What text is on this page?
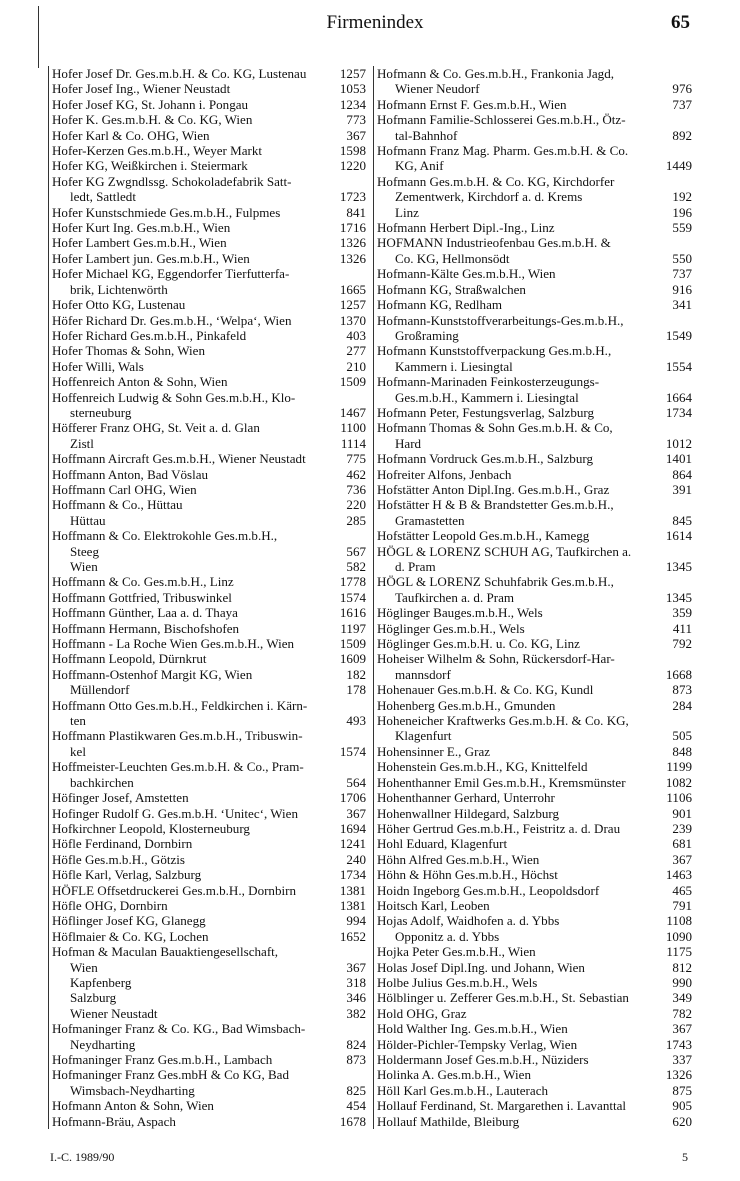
Firmenindex	65
Hofer Josef Dr. Ges.m.b.H. & Co. KG, Lustenau	1257
Hofer Josef Ing., Wiener Neustadt	1053
Hofer Josef KG, St. Johann i. Pongau	1234
Hofer K. Ges.m.b.H. & Co. KG, Wien	773
Hofer Karl & Co. OHG, Wien	367
Hofer-Kerzen Ges.m.b.H., Weyer Markt	1598
Hofer KG, Weißkirchen i. Steiermark	1220
Hofer KG Zwgndlssg. Schokoladefabrik Satt-
ledt, Sattledt	1723
Hofer Kunstschmiede Ges.m.b.H., Fulpmes	841
Hofer Kurt Ing. Ges.m.b.H., Wien	1716
Hofer Lambert Ges.m.b.H., Wien	1326
Hofer Lambert jun. Ges.m.b.H., Wien	1326
Hofer Michael KG, Eggendorfer Tierfutterfa-
brik, Lichtenwörth	1665
Hofer Otto KG, Lustenau	1257
Höfer Richard Dr. Ges.m.b.H., ‘Welpa‘, Wien	1370
Hofer Richard Ges.m.b.H., Pinkafeld	403
Hofer Thomas & Sohn, Wien	277
Hofer Willi, Wals	210
Hoffenreich Anton & Sohn, Wien	1509
Hoffenreich Ludwig & Sohn Ges.m.b.H., Klo-
sterneuburg	1467
Höfferer Franz OHG, St. Veit a. d. Glan	1100
Zistl	1114
Hoffmann Aircraft Ges.m.b.H., Wiener Neustadt	775
Hoffmann Anton, Bad Vöslau	462
Hoffmann Carl OHG, Wien	736
Hoffmann & Co., Hüttau	220
Hüttau	285
Hoffmann & Co. Elektrokohle Ges.m.b.H.,
Steeg	567
Wien	582
Hoffmann & Co. Ges.m.b.H., Linz	1778
Hoffmann Gottfried, Tribuswinkel	1574
Hoffmann Günther, Laa a. d. Thaya	1616
Hoffmann Hermann, Bischofshofen	1197
Hoffmann - La Roche Wien Ges.m.b.H., Wien	1509
Hoffmann Leopold, Dürnkrut	1609
Hoffmann-Ostenhof Margit KG, Wien	182
Müllendorf	178
Hoffmann Otto Ges.m.b.H., Feldkirchen i. Kärn-
ten	493
Hoffmann Plastikwaren Ges.m.b.H., Tribuswin-
kel	1574
Hoffmeister-Leuchten Ges.m.b.H. & Co., Pram-
bachkirchen	564
Höfinger Josef, Amstetten	1706
Hofinger Rudolf G. Ges.m.b.H. ‘Unitec‘, Wien	367
Hofkirchner Leopold, Klosterneuburg	1694
Höfle Ferdinand, Dornbirn	1241
Höfle Ges.m.b.H., Götzis	240
Höfle Karl, Verlag, Salzburg	1734
HÖFLE Offsetdruckerei Ges.m.b.H., Dornbirn	1381
Höfle OHG, Dornbirn	1381
Höflinger Josef KG, Glanegg	994
Höflmaier & Co. KG, Lochen	1652
Hofman & Maculan Bauaktiengesellschaft,
Wien	367
Kapfenberg	318
Salzburg	346
Wiener Neustadt	382
Hofmaninger Franz & Co. KG., Bad Wimsbach-
Neydharting	824
Hofmaninger Franz Ges.m.b.H., Lambach	873
Hofmaninger Franz Ges.mbH & Co KG, Bad
Wimsbach-Neydharting	825
Hofmann Anton & Sohn, Wien	454
Hofmann-Bräu, Aspach	1678
Hofmann & Co. Ges.m.b.H., Frankonia Jagd,
Wiener Neudorf	976
Hofmann Ernst F. Ges.m.b.H., Wien	737
Hofmann Familie-Schlosserei Ges.m.b.H., Ötz-
tal-Bahnhof	892
Hofmann Franz Mag. Pharm. Ges.m.b.H. & Co.
KG, Anif	1449
Hofmann Ges.m.b.H. & Co. KG, Kirchdorfer
Zementwerk, Kirchdorf a. d. Krems	192
Linz	196
Hofmann Herbert Dipl.-Ing., Linz	559
HOFMANN Industrieofenbau Ges.m.b.H. &
Co. KG, Hellmonsödt	550
Hofmann-Kälte Ges.m.b.H., Wien	737
Hofmann KG, Straßwalchen	916
Hofmann KG, Redlham	341
Hofmann-Kunststoffverarbeitungs-Ges.m.b.H.,
Großraming	1549
Hofmann Kunststoffverpackung Ges.m.b.H.,
Kammern i. Liesingtal	1554
Hofmann-Marinaden Feinkosterzeugungs-
Ges.m.b.H., Kammern i. Liesingtal	1664
Hofmann Peter, Festungsverlag, Salzburg	1734
Hofmann Thomas & Sohn Ges.m.b.H. & Co,
Hard	1012
Hofmann Vordruck Ges.m.b.H., Salzburg	1401
Hofreiter Alfons, Jenbach	864
Hofstätter Anton Dipl.Ing. Ges.m.b.H., Graz	391
Hofstätter H & B & Brandstetter Ges.m.b.H.,
Gramastetten	845
Hofstätter Leopold Ges.m.b.H., Kamegg	1614
HÖGL & LORENZ SCHUH AG, Taufkirchen a.
d. Pram	1345
HÖGL & LORENZ Schuhfabrik Ges.m.b.H.,
Taufkirchen a. d. Pram	1345
Höglinger Bauges.m.b.H., Wels	359
Höglinger Ges.m.b.H., Wels	411
Höglinger Ges.m.b.H. u. Co. KG, Linz	792
Hoheiser Wilhelm & Sohn, Rückersdorf-Har-
mannsdorf	1668
Hohenauer Ges.m.b.H. & Co. KG, Kundl	873
Hohenberg Ges.m.b.H., Gmunden	284
Hoheneicher Kraftwerks Ges.m.b.H. & Co. KG,
Klagenfurt	505
Hohensinner E., Graz	848
Hohenstein Ges.m.b.H., KG, Knittelfeld	1199
Hohenthanner Emil Ges.m.b.H., Kremsmünster	1082
Hohenthanner Gerhard, Unterrohr	1106
Hohenwallner Hildegard, Salzburg	901
Höher Gertrud Ges.m.b.H., Feistritz a. d. Drau	239
Hohl Eduard, Klagenfurt	681
Höhn Alfred Ges.m.b.H., Wien	367
Höhn & Höhn Ges.m.b.H., Höchst	1463
Hoidn Ingeborg Ges.m.b.H., Leopoldsdorf	465
Hoitsch Karl, Leoben	791
Hojas Adolf, Waidhofen a. d. Ybbs	1108
Opponitz a. d. Ybbs	1090
Hojka Peter Ges.m.b.H., Wien	1175
Holas Josef Dipl.Ing. und Johann, Wien	812
Holbe Julius Ges.m.b.H., Wels	990
Hölblinger u. Zefferer Ges.m.b.H., St. Sebastian	349
Hold OHG, Graz	782
Hold Walther Ing. Ges.m.b.H., Wien	367
Hölder-Pichler-Tempsky Verlag, Wien	1743
Holdermann Josef Ges.m.b.H., Nüziders	337
Holinka A. Ges.m.b.H., Wien	1326
Höll Karl Ges.m.b.H., Lauterach	875
Hollauf Ferdinand, St. Margarethen i. Lavanttal	905
Hollauf Mathilde, Bleiburg	620
I.-C. 1989/90	5
